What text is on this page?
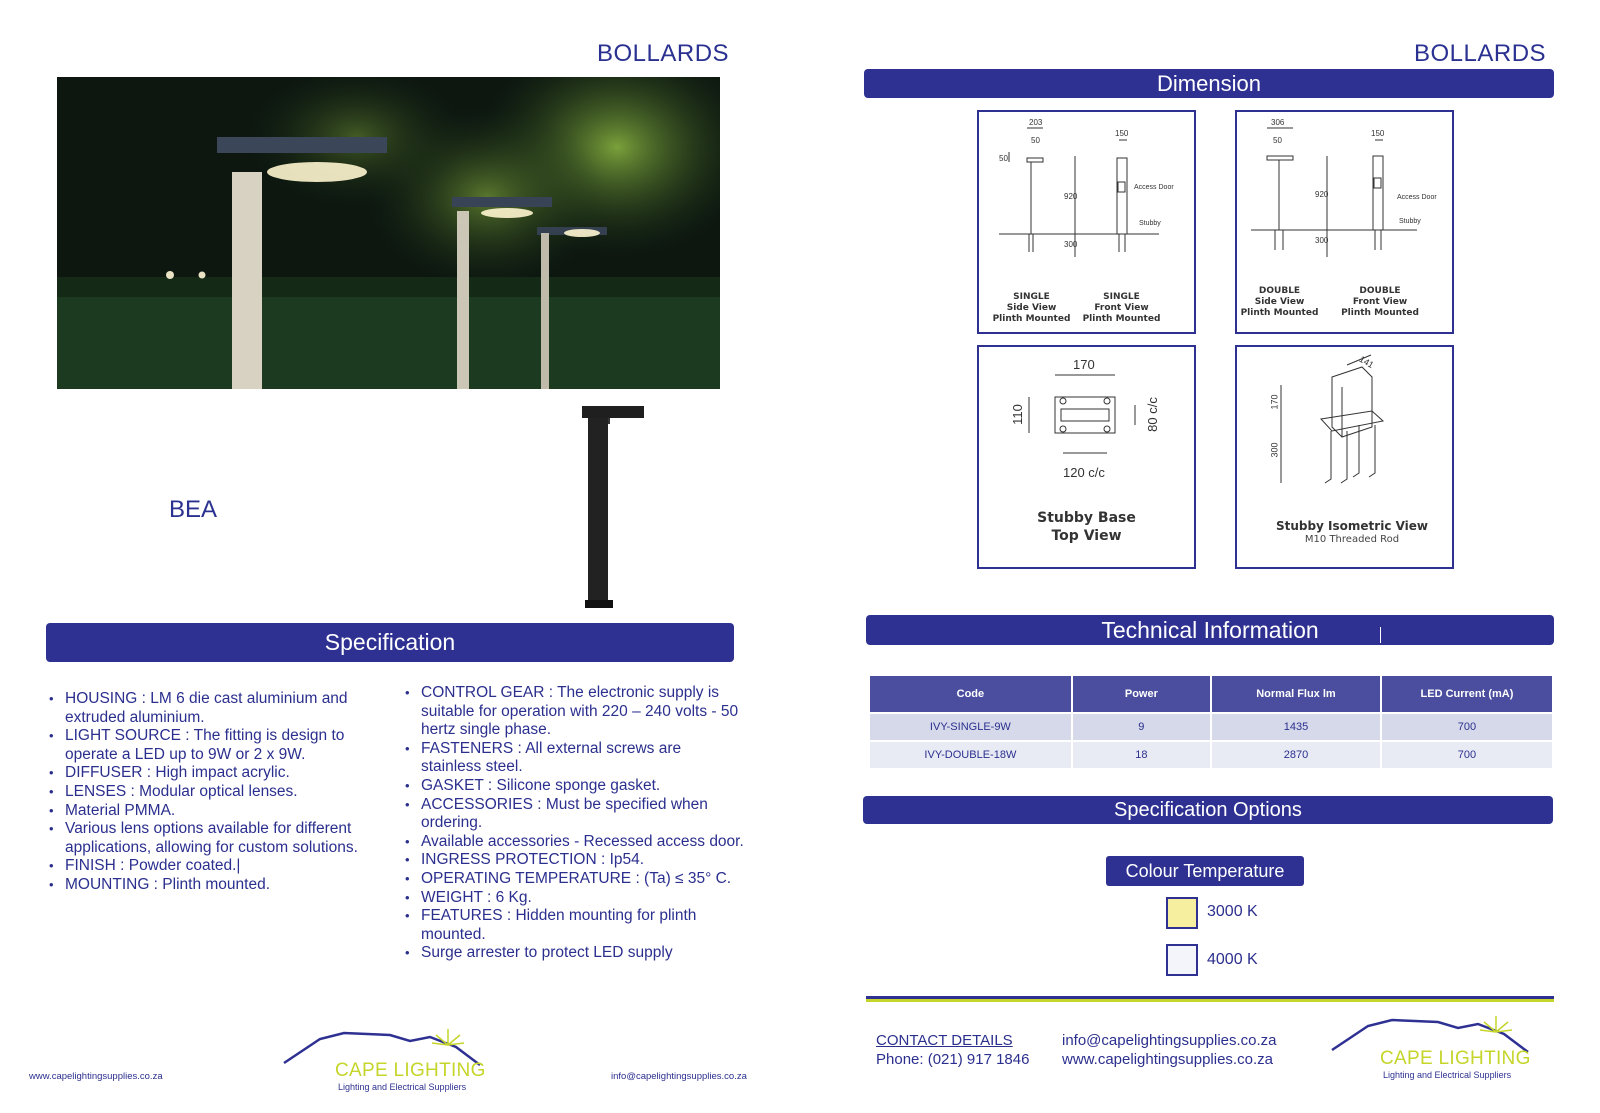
BOLLARDS
BEA
Specification
• HOUSING : LM 6 die cast aluminium and extruded aluminium.
• LIGHT SOURCE : The fitting is design to operate a LED up to 9W or 2 x 9W.
• DIFFUSER : High impact acrylic.
• LENSES : Modular optical lenses.
• Material PMMA.
• Various lens options available for different applications, allowing for custom solutions.
• FINISH : Powder coated.|
• MOUNTING : Plinth mounted.
• CONTROL GEAR : The electronic supply is suitable for operation with 220 – 240 volts - 50 hertz single phase.
• FASTENERS : All external screws are stainless steel.
• GASKET : Silicone sponge gasket.
• ACCESSORIES : Must be specified when ordering.
• Available accessories - Recessed access door.
• INGRESS PROTECTION : Ip54.
• OPERATING TEMPERATURE : (Ta) ≤ 35° C.
• WEIGHT : 6 Kg.
• FEATURES : Hidden mounting for plinth mounted.
• Surge arrester to protect LED supply
www.capelightingsupplies.co.za	CAPE LIGHTING
Lighting and Electrical Suppliers
info@capelightingsupplies.co.za
BOLLARDS
Dimension
203
50
50
150
920
300
Access Door
Stubby
SINGLE
Side View
Plinth Mounted
SINGLE
Front View
Plinth Mounted
306
50
150
920
300
Access Door
Stubby
DOUBLE
Side View
Plinth Mounted
DOUBLE
Front View
Plinth Mounted
170
110	80 c/c
120 c/c
Stubby Base
Top View
141
170
300
Stubby Isometric View
M10 Threaded Rod
Technical Information
Code	Power	Normal Flux lm	LED Current (mA)
IVY-SINGLE-9W	9	1435	700
IVY-DOUBLE-18W	18	2870	700
Specification Options
Colour Temperature
3000 K
4000 K
CONTACT DETAILS
Phone: (021) 917 1846
info@capelightingsupplies.co.za
www.capelightingsupplies.co.za	CAPE LIGHTING
Lighting and Electrical Suppliers
